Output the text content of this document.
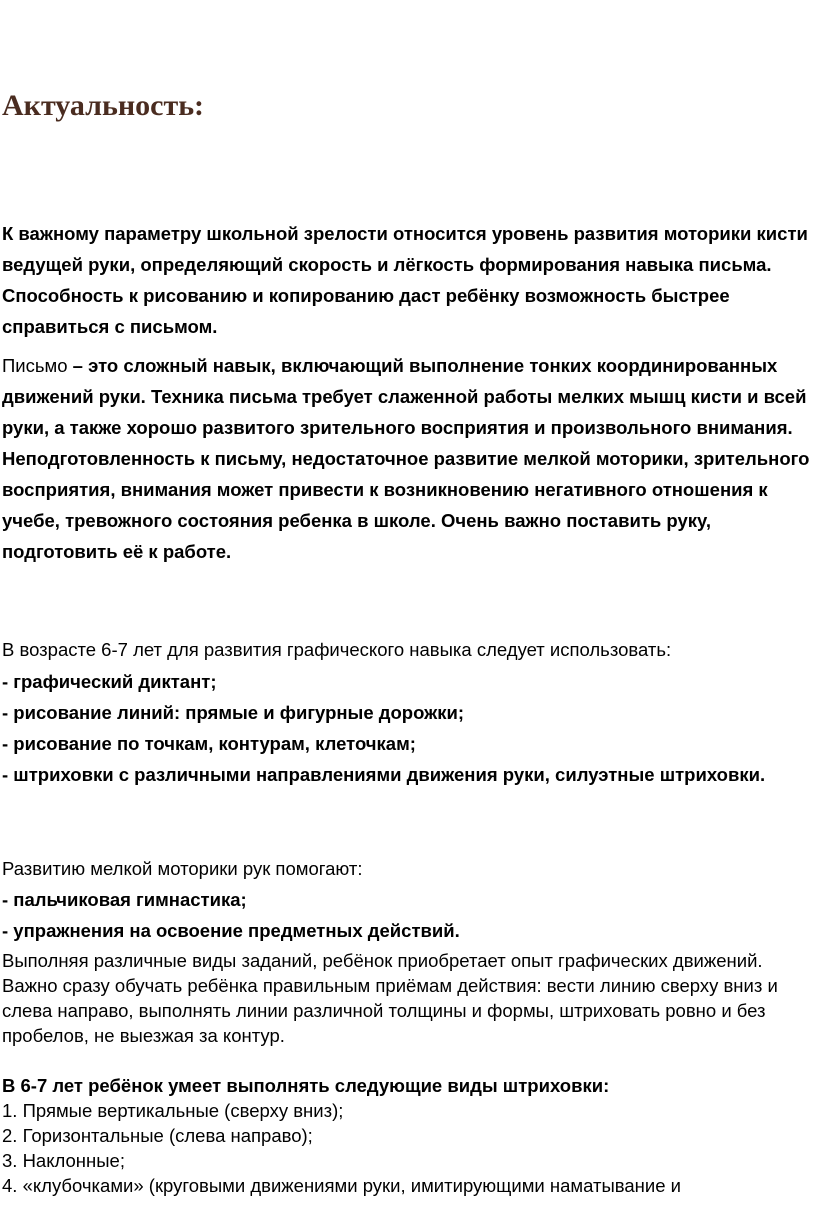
Актуальность:

К важному параметру школьной зрелости относится уровень развития моторики кисти ведущей руки, определяющий скорость и лёгкость формирования навыка письма. Способность к рисованию и копированию даст ребёнку возможность быстрее справиться с письмом.

Письмо – это сложный навык, включающий выполнение тонких координированных движений руки. Техника письма требует слаженной работы мелких мышц кисти и всей руки, а также хорошо развитого зрительного восприятия и произвольного внимания. Неподготовленность к письму, недостаточное развитие мелкой моторики, зрительного восприятия, внимания может привести к возникновению негативного отношения к учебе, тревожного состояния ребенка в школе. Очень важно поставить руку, подготовить её к работе.

В возрасте 6-7 лет для развития графического навыка следует использовать:

- графический диктант;

- рисование линий: прямые и фигурные дорожки;

- рисование по точкам, контурам, клеточкам;

- штриховки с различными направлениями движения руки, силуэтные штриховки.

Развитию мелкой моторики рук помогают:

- пальчиковая гимнастика;

- упражнения на освоение предметных действий.

Выполняя различные виды заданий, ребёнок приобретает опыт графических движений. Важно сразу обучать ребёнка правильным приёмам действия: вести линию сверху вниз и слева направо, выполнять линии различной толщины и формы, штриховать ровно и без пробелов, не выезжая за контур.

В 6-7 лет ребёнок умеет выполнять следующие виды штриховки:

1. Прямые вертикальные (сверху вниз);

2. Горизонтальные (слева направо);

3. Наклонные;

4. «клубочками» (круговыми движениями руки, имитирующими наматывание и
